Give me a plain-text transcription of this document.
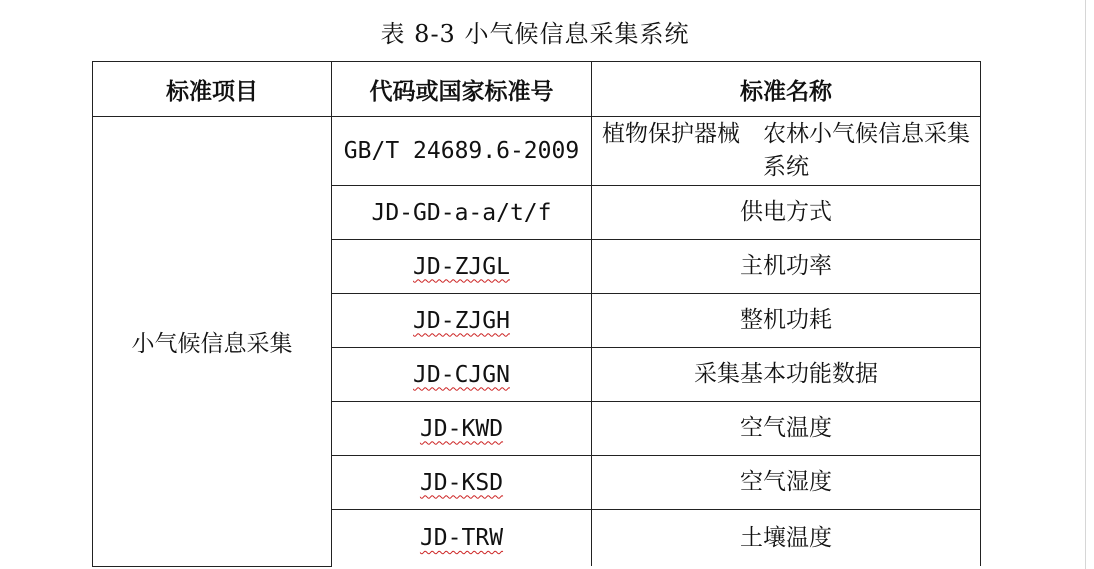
表 8-3 小气候信息采集系统
标准项目	代码或国家标准号	标准名称
小气候信息采集	GB/T 24689.6-2009	植物保护器械　农林小气候信息采集系统
	JD-GD-a-a/t/f	供电方式
	JD-ZJGL	主机功率
	JD-ZJGH	整机功耗
	JD-CJGN	采集基本功能数据
	JD-KWD	空气温度
	JD-KSD	空气湿度
	JD-TRW	土壤温度
